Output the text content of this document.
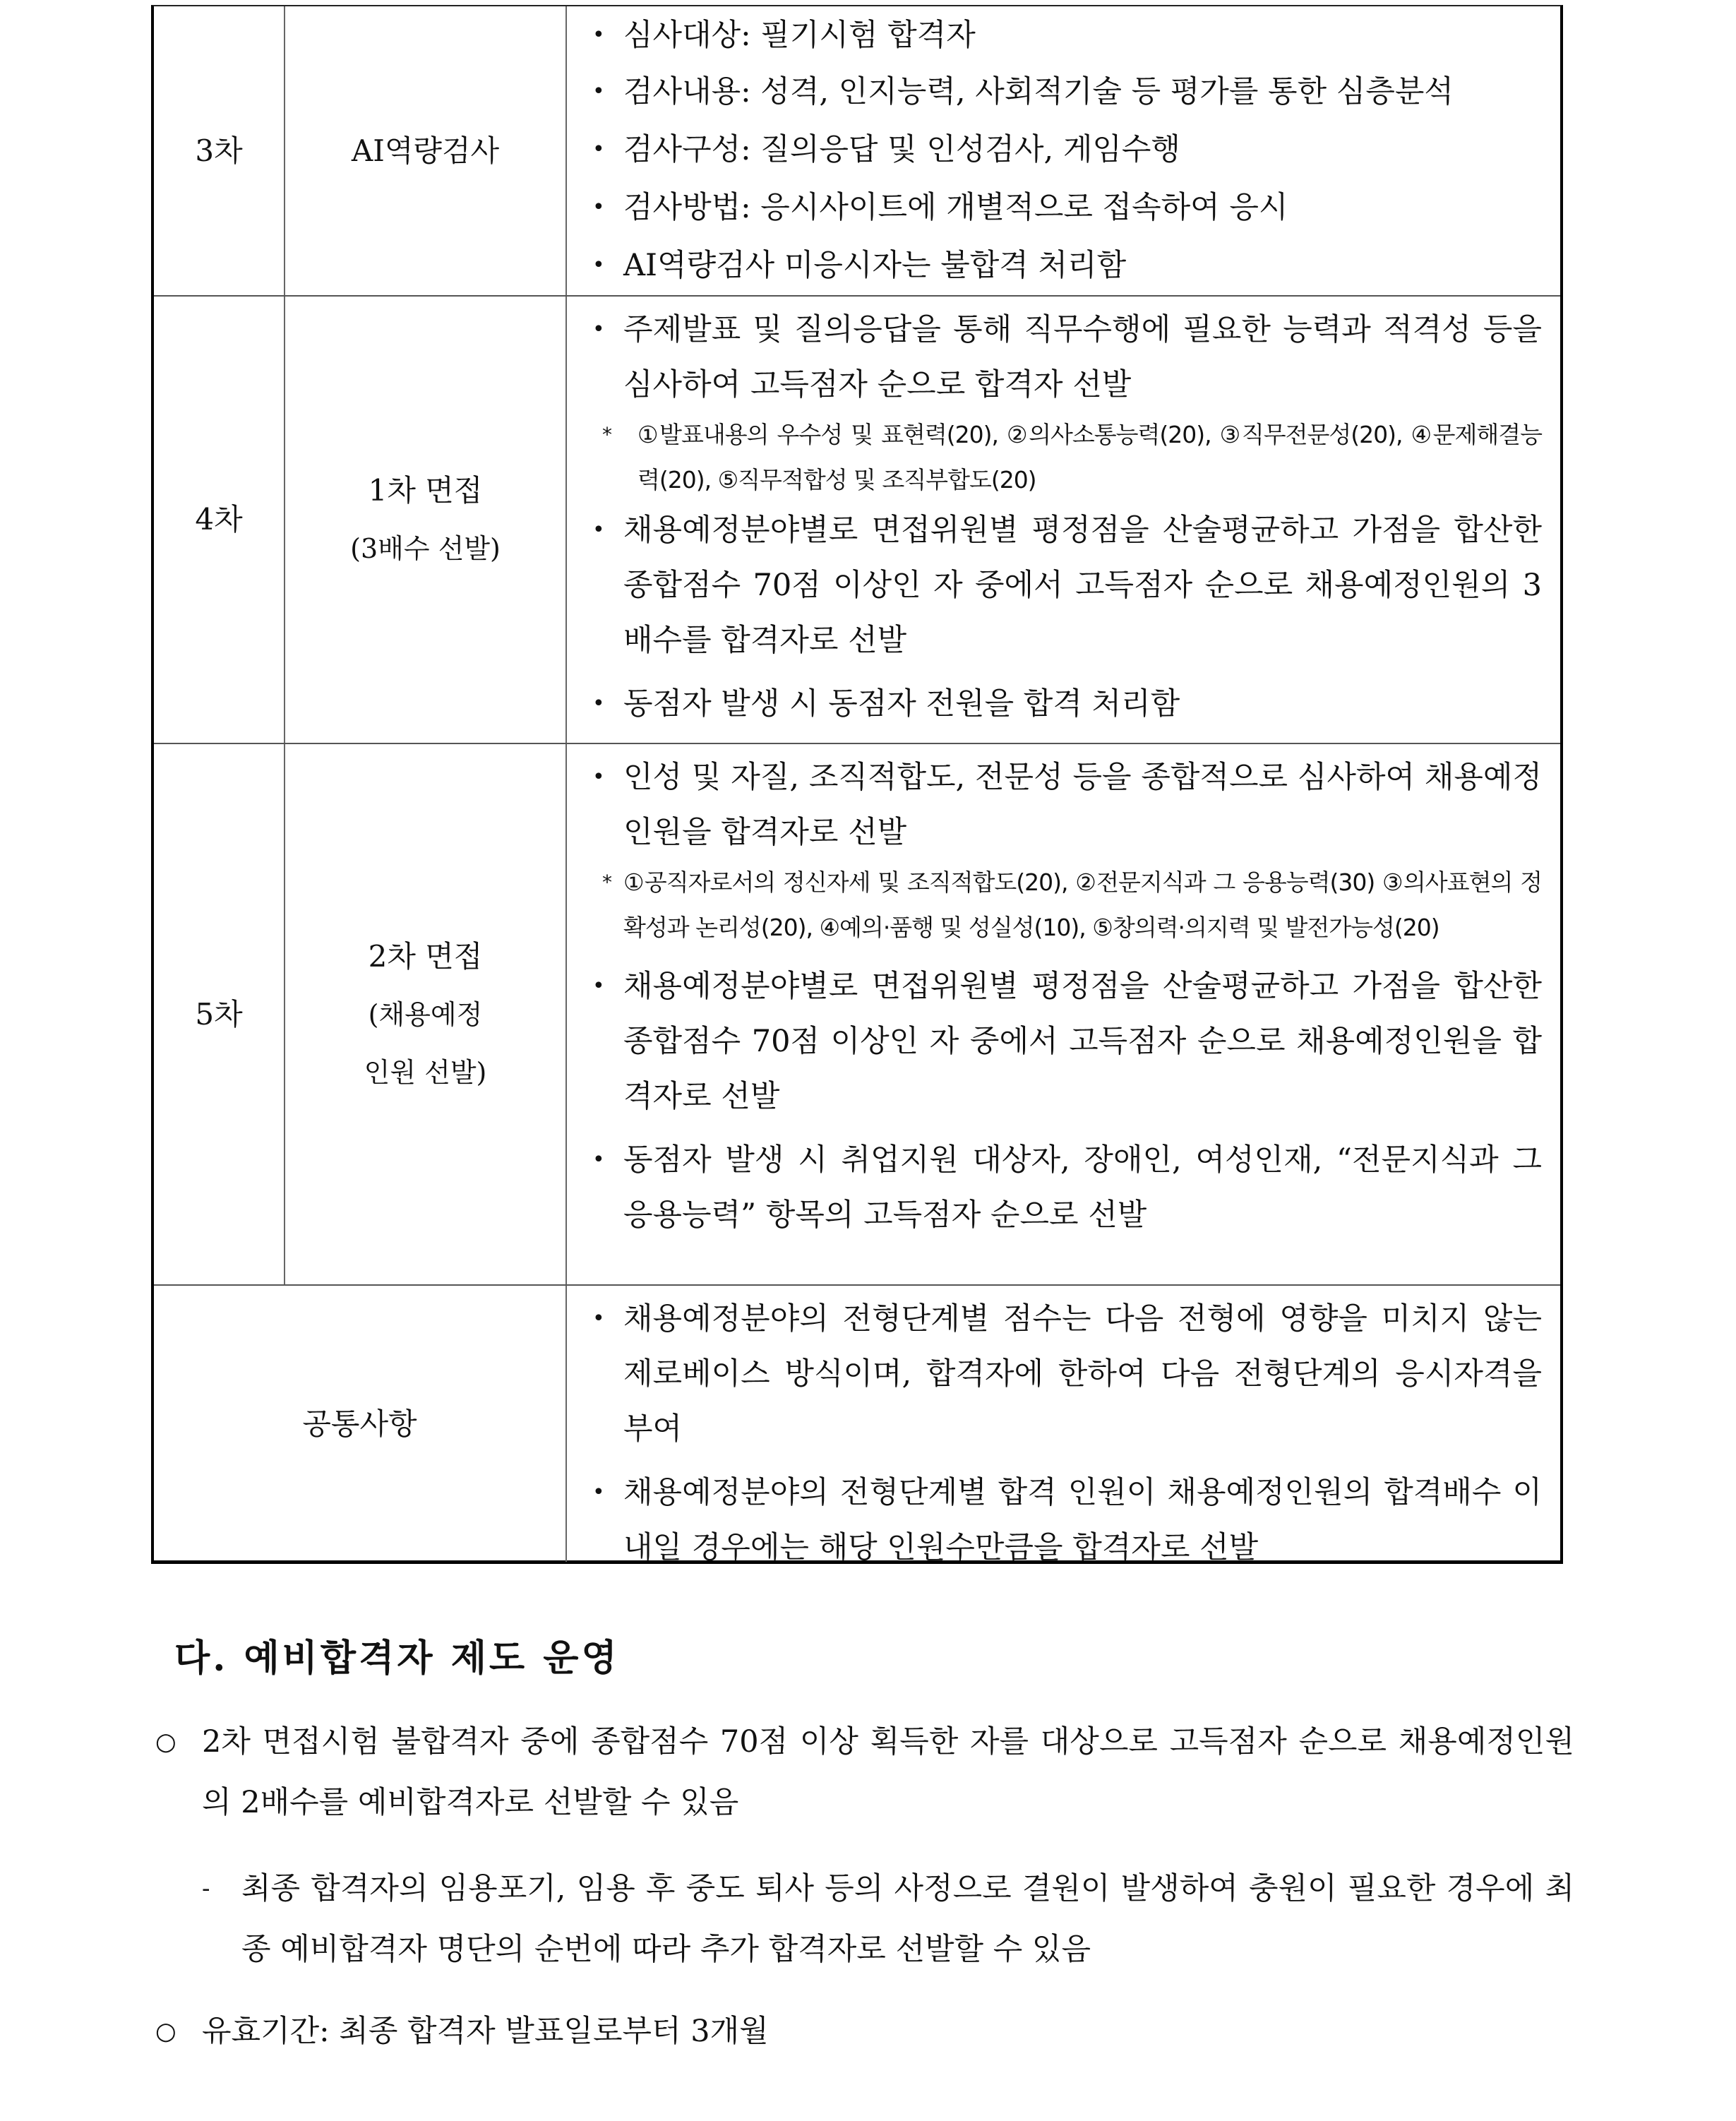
3차	AI역량검사
• 심사대상: 필기시험 합격자
• 검사내용: 성격, 인지능력, 사회적기술 등 평가를 통한 심층분석
• 검사구성: 질의응답 및 인성검사, 게임수행
• 검사방법: 응시사이트에 개별적으로 접속하여 응시
• AI역량검사 미응시자는 불합격 처리함
4차
1차 면접
(3배수 선발)
• 주제발표 및 질의응답을 통해 직무수행에 필요한 능력과 적격성 등을 심사하여 고득점자 순으로 합격자 선발
* ①발표내용의 우수성 및 표현력(20), ②의사소통능력(20), ③직무전문성(20), ④문제해결능력(20), ⑤직무적합성 및 조직부합도(20)
• 채용예정분야별로 면접위원별 평정점을 산술평균하고 가점을 합산한 종합점수 70점 이상인 자 중에서 고득점자 순으로 채용예정인원의 3배수를 합격자로 선발
• 동점자 발생 시 동점자 전원을 합격 처리함
5차
2차 면접
(채용예정
인원 선발)
• 인성 및 자질, 조직적합도, 전문성 등을 종합적으로 심사하여 채용예정인원을 합격자로 선발
* ①공직자로서의 정신자세 및 조직적합도(20), ②전문지식과 그 응용능력(30) ③의사표현의 정확성과 논리성(20), ④예의·품행 및 성실성(10), ⑤창의력·의지력 및 발전가능성(20)
• 채용예정분야별로 면접위원별 평정점을 산술평균하고 가점을 합산한 종합점수 70점 이상인 자 중에서 고득점자 순으로 채용예정인원을 합격자로 선발
• 동점자 발생 시 취업지원 대상자, 장애인, 여성인재, “전문지식과 그 응용능력” 항목의 고득점자 순으로 선발
공통사항
• 채용예정분야의 전형단계별 점수는 다음 전형에 영향을 미치지 않는 제로베이스 방식이며, 합격자에 한하여 다음 전형단계의 응시자격을 부여
• 채용예정분야의 전형단계별 합격 인원이 채용예정인원의 합격배수 이내일 경우에는 해당 인원수만큼을 합격자로 선발
다. 예비합격자 제도 운영
○ 2차 면접시험 불합격자 중에 종합점수 70점 이상 획득한 자를 대상으로 고득점자 순으로 채용예정인원의 2배수를 예비합격자로 선발할 수 있음
- 최종 합격자의 임용포기, 임용 후 중도 퇴사 등의 사정으로 결원이 발생하여 충원이 필요한 경우에 최종 예비합격자 명단의 순번에 따라 추가 합격자로 선발할 수 있음
○ 유효기간: 최종 합격자 발표일로부터 3개월
